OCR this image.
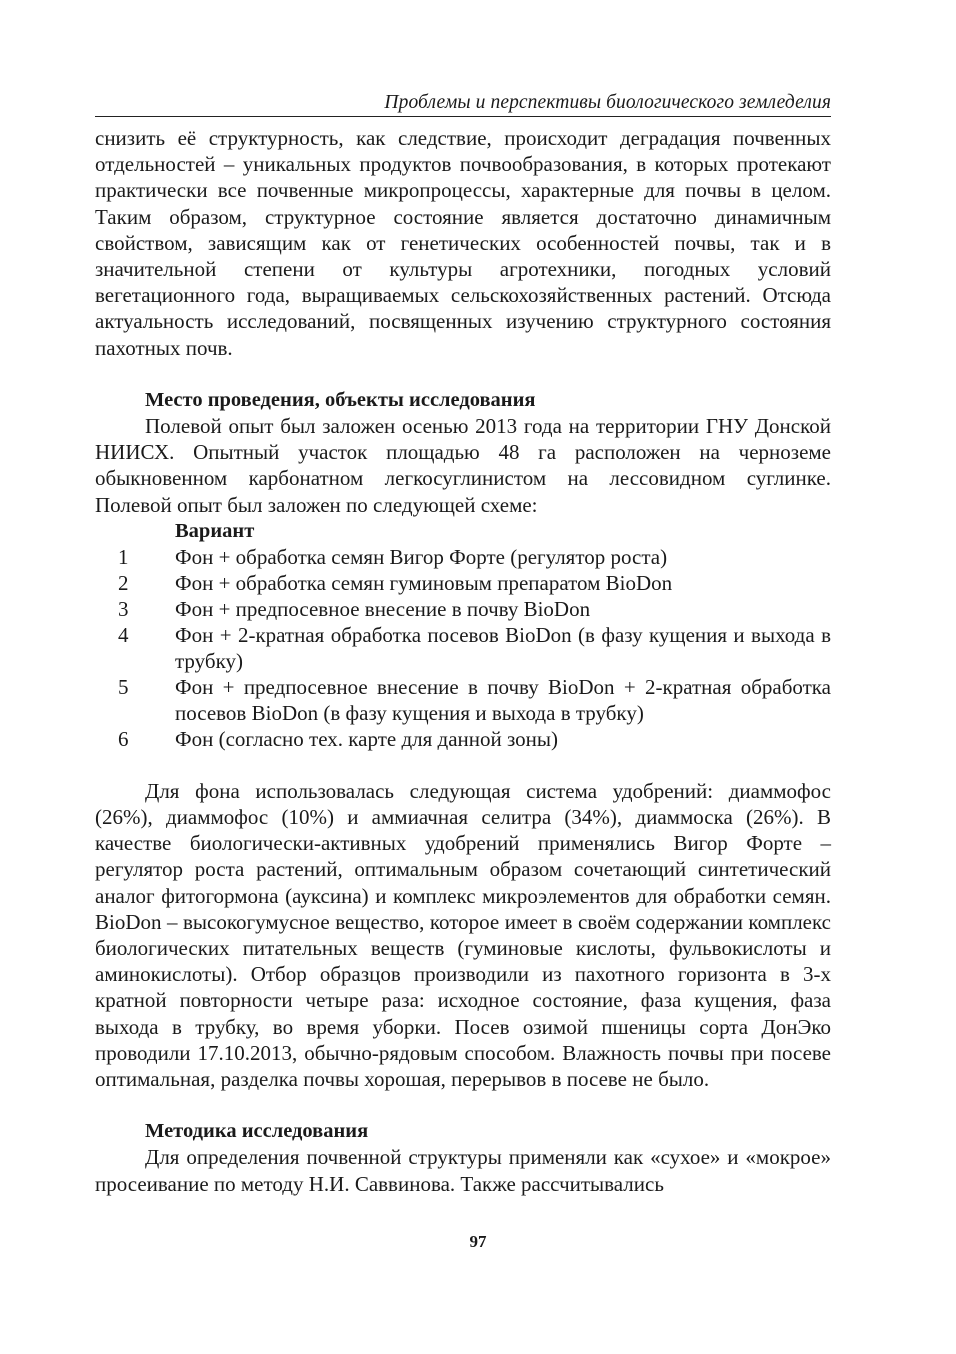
Проблемы и перспективы биологического земледелия

снизить её структурность, как следствие, происходит деградация почвенных отдельностей – уникальных продуктов почвообразования, в которых протекают практически все почвенные микропроцессы, характерные для почвы в целом. Таким образом, структурное состояние является достаточно динамичным свойством, зависящим как от генетических особенностей почвы, так и в значительной степени от культуры агротехники, погодных условий вегетационного года, выращиваемых сельскохозяйственных растений. Отсюда актуальность исследований, посвященных изучению структурного состояния пахотных почв.

Место проведения, объекты исследования

Полевой опыт был заложен осенью 2013 года на территории ГНУ Донской НИИСХ. Опытный участок площадью 48 га расположен на черноземе обыкновенном карбонатном легкосуглинистом на лессовидном суглинке. Полевой опыт был заложен по следующей схеме:

Вариант
1	Фон + обработка семян Вигор Форте (регулятор роста)
2	Фон + обработка семян гуминовым препаратом BioDon
3	Фон + предпосевное внесение в почву BioDon
4	Фон + 2-кратная обработка посевов BioDon (в фазу кущения и выхода в трубку)
5	Фон + предпосевное внесение в почву BioDon + 2-кратная обработка посевов BioDon (в фазу кущения и выхода в трубку)
6	Фон (согласно тех. карте для данной зоны)

Для фона использовалась следующая система удобрений: диаммофос (26%), диаммофос (10%) и аммиачная селитра (34%), диаммоска (26%). В качестве биологически-активных удобрений применялись Вигор Форте – регулятор роста растений, оптимальным образом сочетающий синтетический аналог фитогормона (ауксина) и комплекс микроэлементов для обработки семян. BioDon – высокогумусное вещество, которое имеет в своём содержании комплекс биологических питательных веществ (гуминовые кислоты, фульвокислоты и аминокислоты). Отбор образцов производили из пахотного горизонта в 3-х кратной повторности четыре раза: исходное состояние, фаза кущения, фаза выхода в трубку, во время уборки. Посев озимой пшеницы сорта ДонЭко проводили 17.10.2013, обычно-рядовым способом. Влажность почвы при посеве оптимальная, разделка почвы хорошая, перерывов в посеве не было.

Методика исследования

Для определения почвенной структуры применяли как «сухое» и «мокрое» просеивание по методу Н.И. Саввинова. Также рассчитывались

97
